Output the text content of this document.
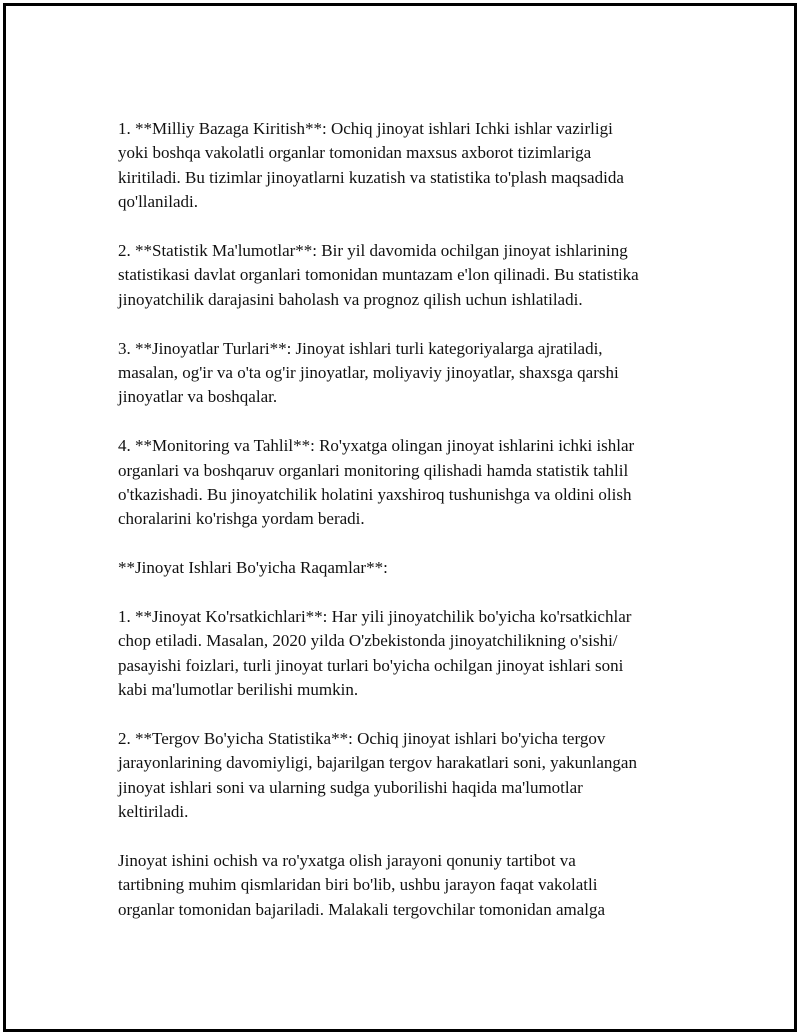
1. **Milliy Bazaga Kiritish**: Ochiq jinoyat ishlari Ichki ishlar vazirligi
yoki boshqa vakolatli organlar tomonidan maxsus axborot tizimlariga
kiritiladi. Bu tizimlar jinoyatlarni kuzatish va statistika to'plash maqsadida
qo'llaniladi.

2. **Statistik Ma'lumotlar**: Bir yil davomida ochilgan jinoyat ishlarining
statistikasi davlat organlari tomonidan muntazam e'lon qilinadi. Bu statistika
jinoyatchilik darajasini baholash va prognoz qilish uchun ishlatiladi.

3. **Jinoyatlar Turlari**: Jinoyat ishlari turli kategoriyalarga ajratiladi,
masalan, og'ir va o'ta og'ir jinoyatlar, moliyaviy jinoyatlar, shaxsga qarshi
jinoyatlar va boshqalar.

4. **Monitoring va Tahlil**: Ro'yxatga olingan jinoyat ishlarini ichki ishlar
organlari va boshqaruv organlari monitoring qilishadi hamda statistik tahlil
o'tkazishadi. Bu jinoyatchilik holatini yaxshiroq tushunishga va oldini olish
choralarini ko'rishga yordam beradi.

**Jinoyat Ishlari Bo'yicha Raqamlar**:

1. **Jinoyat Ko'rsatkichlari**: Har yili jinoyatchilik bo'yicha ko'rsatkichlar
chop etiladi. Masalan, 2020 yilda O'zbekistonda jinoyatchilikning o'sishi/
pasayishi foizlari, turli jinoyat turlari bo'yicha ochilgan jinoyat ishlari soni
kabi ma'lumotlar berilishi mumkin.

2. **Tergov Bo'yicha Statistika**: Ochiq jinoyat ishlari bo'yicha tergov
jarayonlarining davomiyligi, bajarilgan tergov harakatlari soni, yakunlangan
jinoyat ishlari soni va ularning sudga yuborilishi haqida ma'lumotlar
keltiriladi.

Jinoyat ishini ochish va ro'yxatga olish jarayoni qonuniy tartibot va
tartibning muhim qismlaridan biri bo'lib, ushbu jarayon faqat vakolatli
organlar tomonidan bajariladi. Malakali tergovchilar tomonidan amalga
